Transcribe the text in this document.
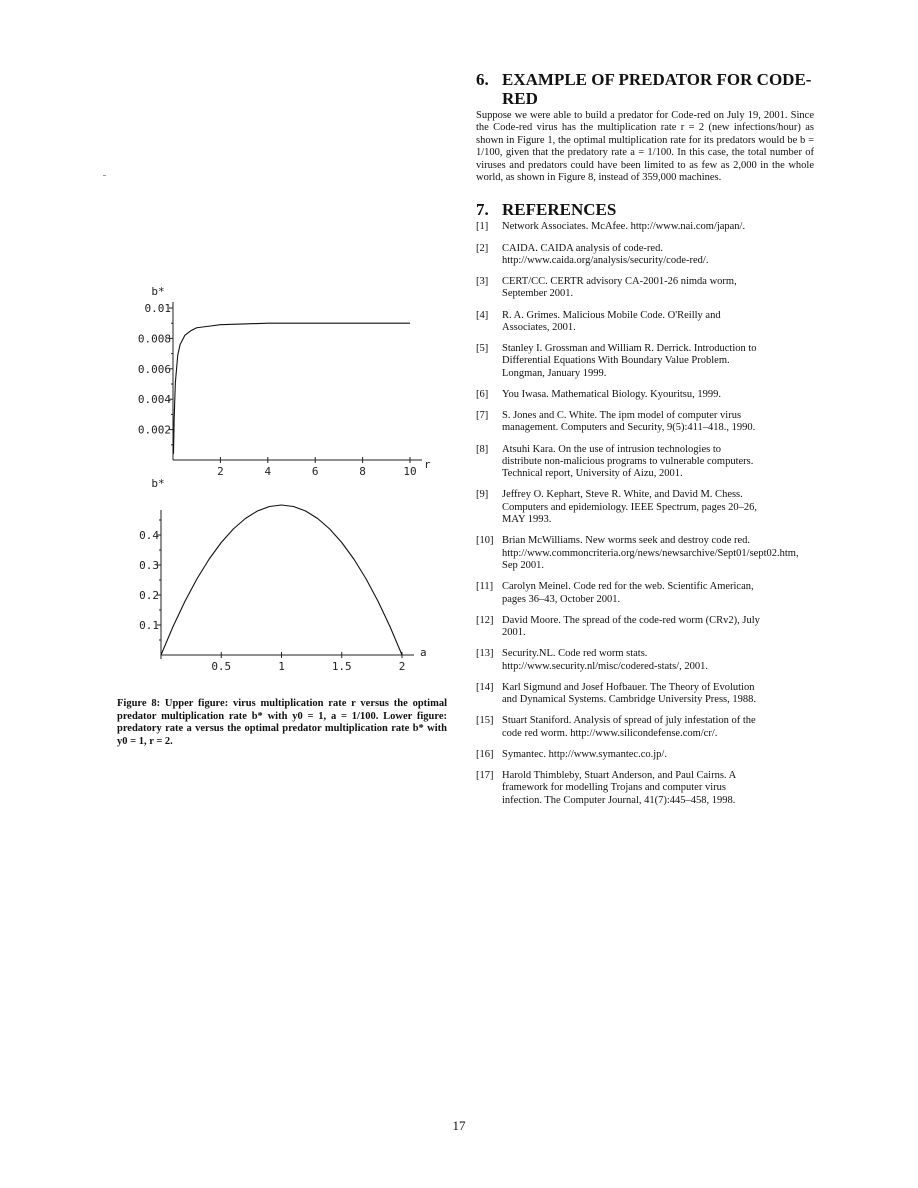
0.002
0.004
0.006
0.008
0.01
2	4	6	8	10
b*
r
0.1
0.2
0.3
0.4
0.5	1	1.5	2
b*
a
Figure 8: Upper figure: virus multiplication rate r versus the optimal predator multiplication rate b* with y0 = 1, a = 1/100. Lower figure: predatory rate a versus the optimal predator multiplication rate b* with y0 = 1, r = 2.
6. EXAMPLE OF PREDATOR FOR CODE-
RED

Suppose we were able to build a predator for Code-red on July 19, 2001. Since the Code-red virus has the multiplication rate r = 2 (new infections/hour) as shown in Figure 1, the optimal multiplication rate for its predators would be b = 1/100, given that the predatory rate a = 1/100. In this case, the total number of viruses and predators could have been limited to as few as 2,000 in the whole world, as shown in Figure 8, instead of 359,000 machines.

7. REFERENCES
[1]	Network Associates. McAfee. http://www.nai.com/japan/.
[2]	CAIDA. CAIDA analysis of code-red.
http://www.caida.org/analysis/security/code-red/.
[3]	CERT/CC. CERTR advisory CA-2001-26 nimda worm,
September 2001.
[4]	R. A. Grimes. Malicious Mobile Code. O'Reilly and
Associates, 2001.
[5]	Stanley I. Grossman and William R. Derrick. Introduction to
Differential Equations With Boundary Value Problem.
Longman, January 1999.
[6]	You Iwasa. Mathematical Biology. Kyouritsu, 1999.
[7]	S. Jones and C. White. The ipm model of computer virus
management. Computers and Security, 9(5):411–418., 1990.
[8]	Atsuhi Kara. On the use of intrusion technologies to
distribute non-malicious programs to vulnerable computers.
Technical report, University of Aizu, 2001.
[9]	Jeffrey O. Kephart, Steve R. White, and David M. Chess.
Computers and epidemiology. IEEE Spectrum, pages 20–26,
MAY 1993.
[10] Brian McWilliams. New worms seek and destroy code red.
http://www.commoncriteria.org/news/newsarchive/Sept01/sept02.htm,
Sep 2001.
[11] Carolyn Meinel. Code red for the web. Scientific American,
pages 36–43, October 2001.
[12] David Moore. The spread of the code-red worm (CRv2), July
2001.
[13] Security.NL. Code red worm stats.
http://www.security.nl/misc/codered-stats/, 2001.
[14] Karl Sigmund and Josef Hofbauer. The Theory of Evolution
and Dynamical Systems. Cambridge University Press, 1988.
[15] Stuart Staniford. Analysis of spread of july infestation of the
code red worm. http://www.silicondefense.com/cr/.
[16] Symantec. http://www.symantec.co.jp/.
[17] Harold Thimbleby, Stuart Anderson, and Paul Cairns. A
framework for modelling Trojans and computer virus
infection. The Computer Journal, 41(7):445–458, 1998.
17
